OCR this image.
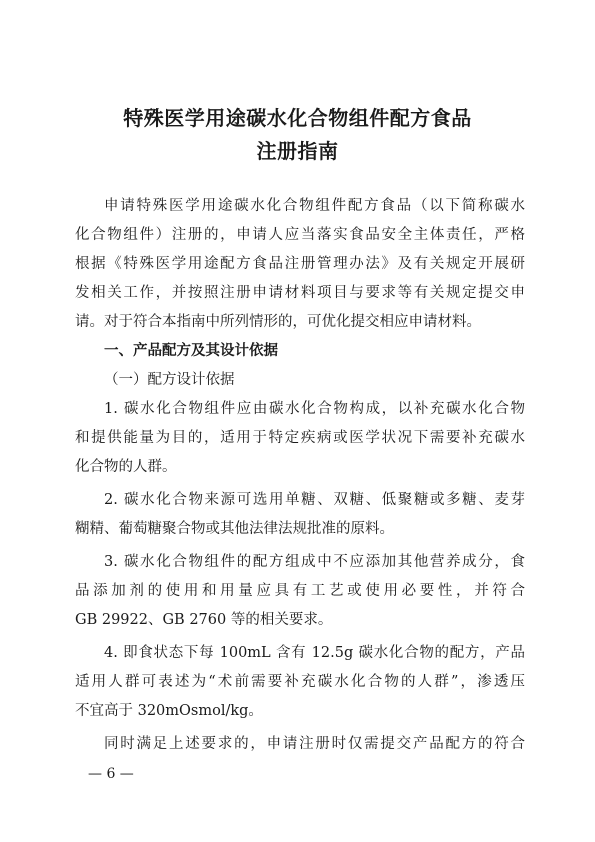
特殊医学用途碳水化合物组件配方食品
注册指南
申请特殊医学用途碳水化合物组件配方食品（以下简称碳水
化合物组件）注册的，申请人应当落实食品安全主体责任，严格
根据《特殊医学用途配方食品注册管理办法》及有关规定开展研
发相关工作，并按照注册申请材料项目与要求等有关规定提交申
请。对于符合本指南中所列情形的，可优化提交相应申请材料。
一、产品配方及其设计依据
（一）配方设计依据
1. 碳水化合物组件应由碳水化合物构成，以补充碳水化合物
和提供能量为目的，适用于特定疾病或医学状况下需要补充碳水
化合物的人群。
2. 碳水化合物来源可选用单糖、双糖、低聚糖或多糖、麦芽
糊精、葡萄糖聚合物或其他法律法规批准的原料。
3. 碳水化合物组件的配方组成中不应添加其他营养成分，食
品添加剂的使用和用量应具有工艺或使用必要性，并符合
GB 29922、GB 2760 等的相关要求。
4. 即食状态下每 100mL 含有 12.5g 碳水化合物的配方，产品
适用人群可表述为“术前需要补充碳水化合物的人群”，渗透压
不宜高于 320mOsmol/kg。
同时满足上述要求的，申请注册时仅需提交产品配方的符合
— 6 —
